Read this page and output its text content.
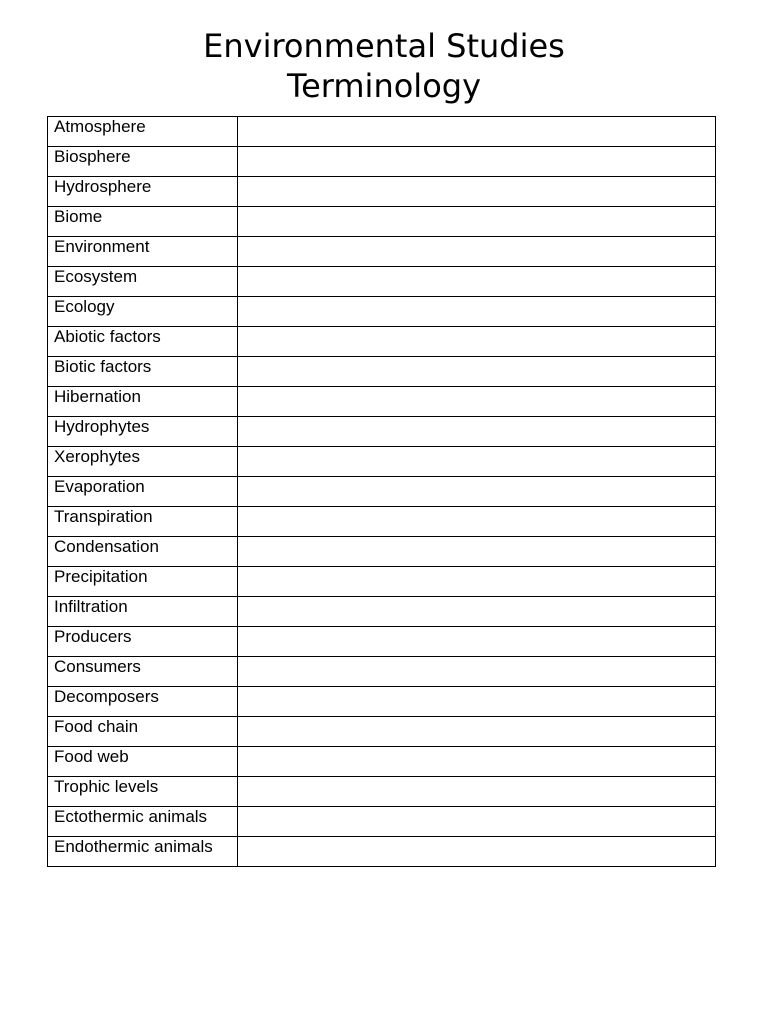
Environmental Studies
Terminology
Atmosphere	
Biosphere	
Hydrosphere	
Biome	
Environment	
Ecosystem	
Ecology	
Abiotic factors	
Biotic factors	
Hibernation	
Hydrophytes	
Xerophytes	
Evaporation	
Transpiration	
Condensation	
Precipitation	
Infiltration	
Producers	
Consumers	
Decomposers	
Food chain	
Food web	
Trophic levels	
Ectothermic animals	
Endothermic animals	
